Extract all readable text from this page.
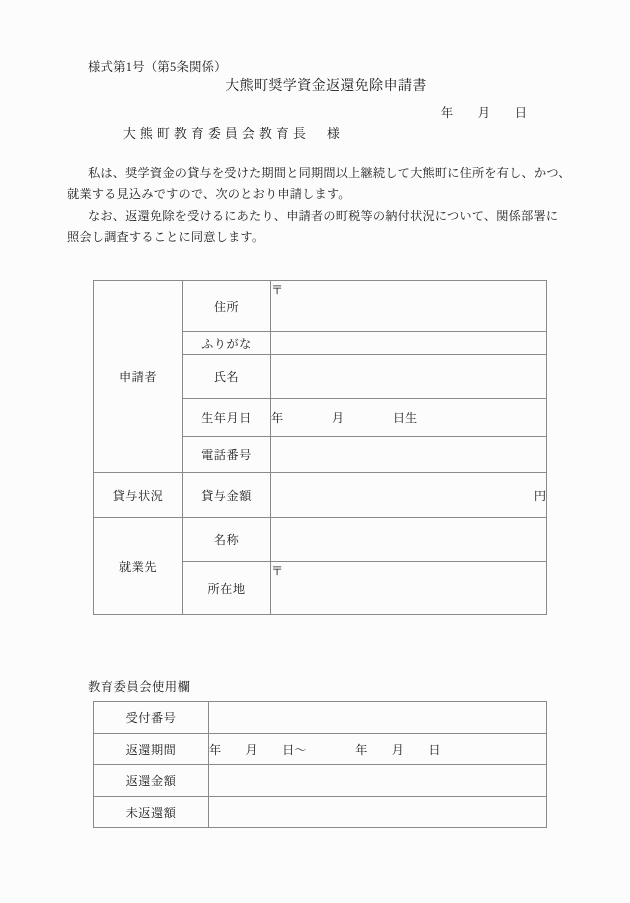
様式第1号（第5条関係）
大熊町奨学資金返還免除申請書
年　　月　　日
大熊町教育委員会教育長　様
私は、奨学資金の貸与を受けた期間と同期間以上継続して大熊町に住所を有し、かつ、
就業する見込みですので、次のとおり申請します。
なお、返還免除を受けるにあたり、申請者の町税等の納付状況について、関係部署に
照会し調査することに同意します。
申請者	住所	〒
	ふりがな	
	氏名	
	生年月日	年　　　　月　　　　日生
	電話番号	
貸与状況	貸与金額	円
就業先	名称	
	所在地	〒
教育委員会使用欄
受付番号	
返還期間	年　　月　　日～　　　　年　　月　　日
返還金額	
未返還額	
